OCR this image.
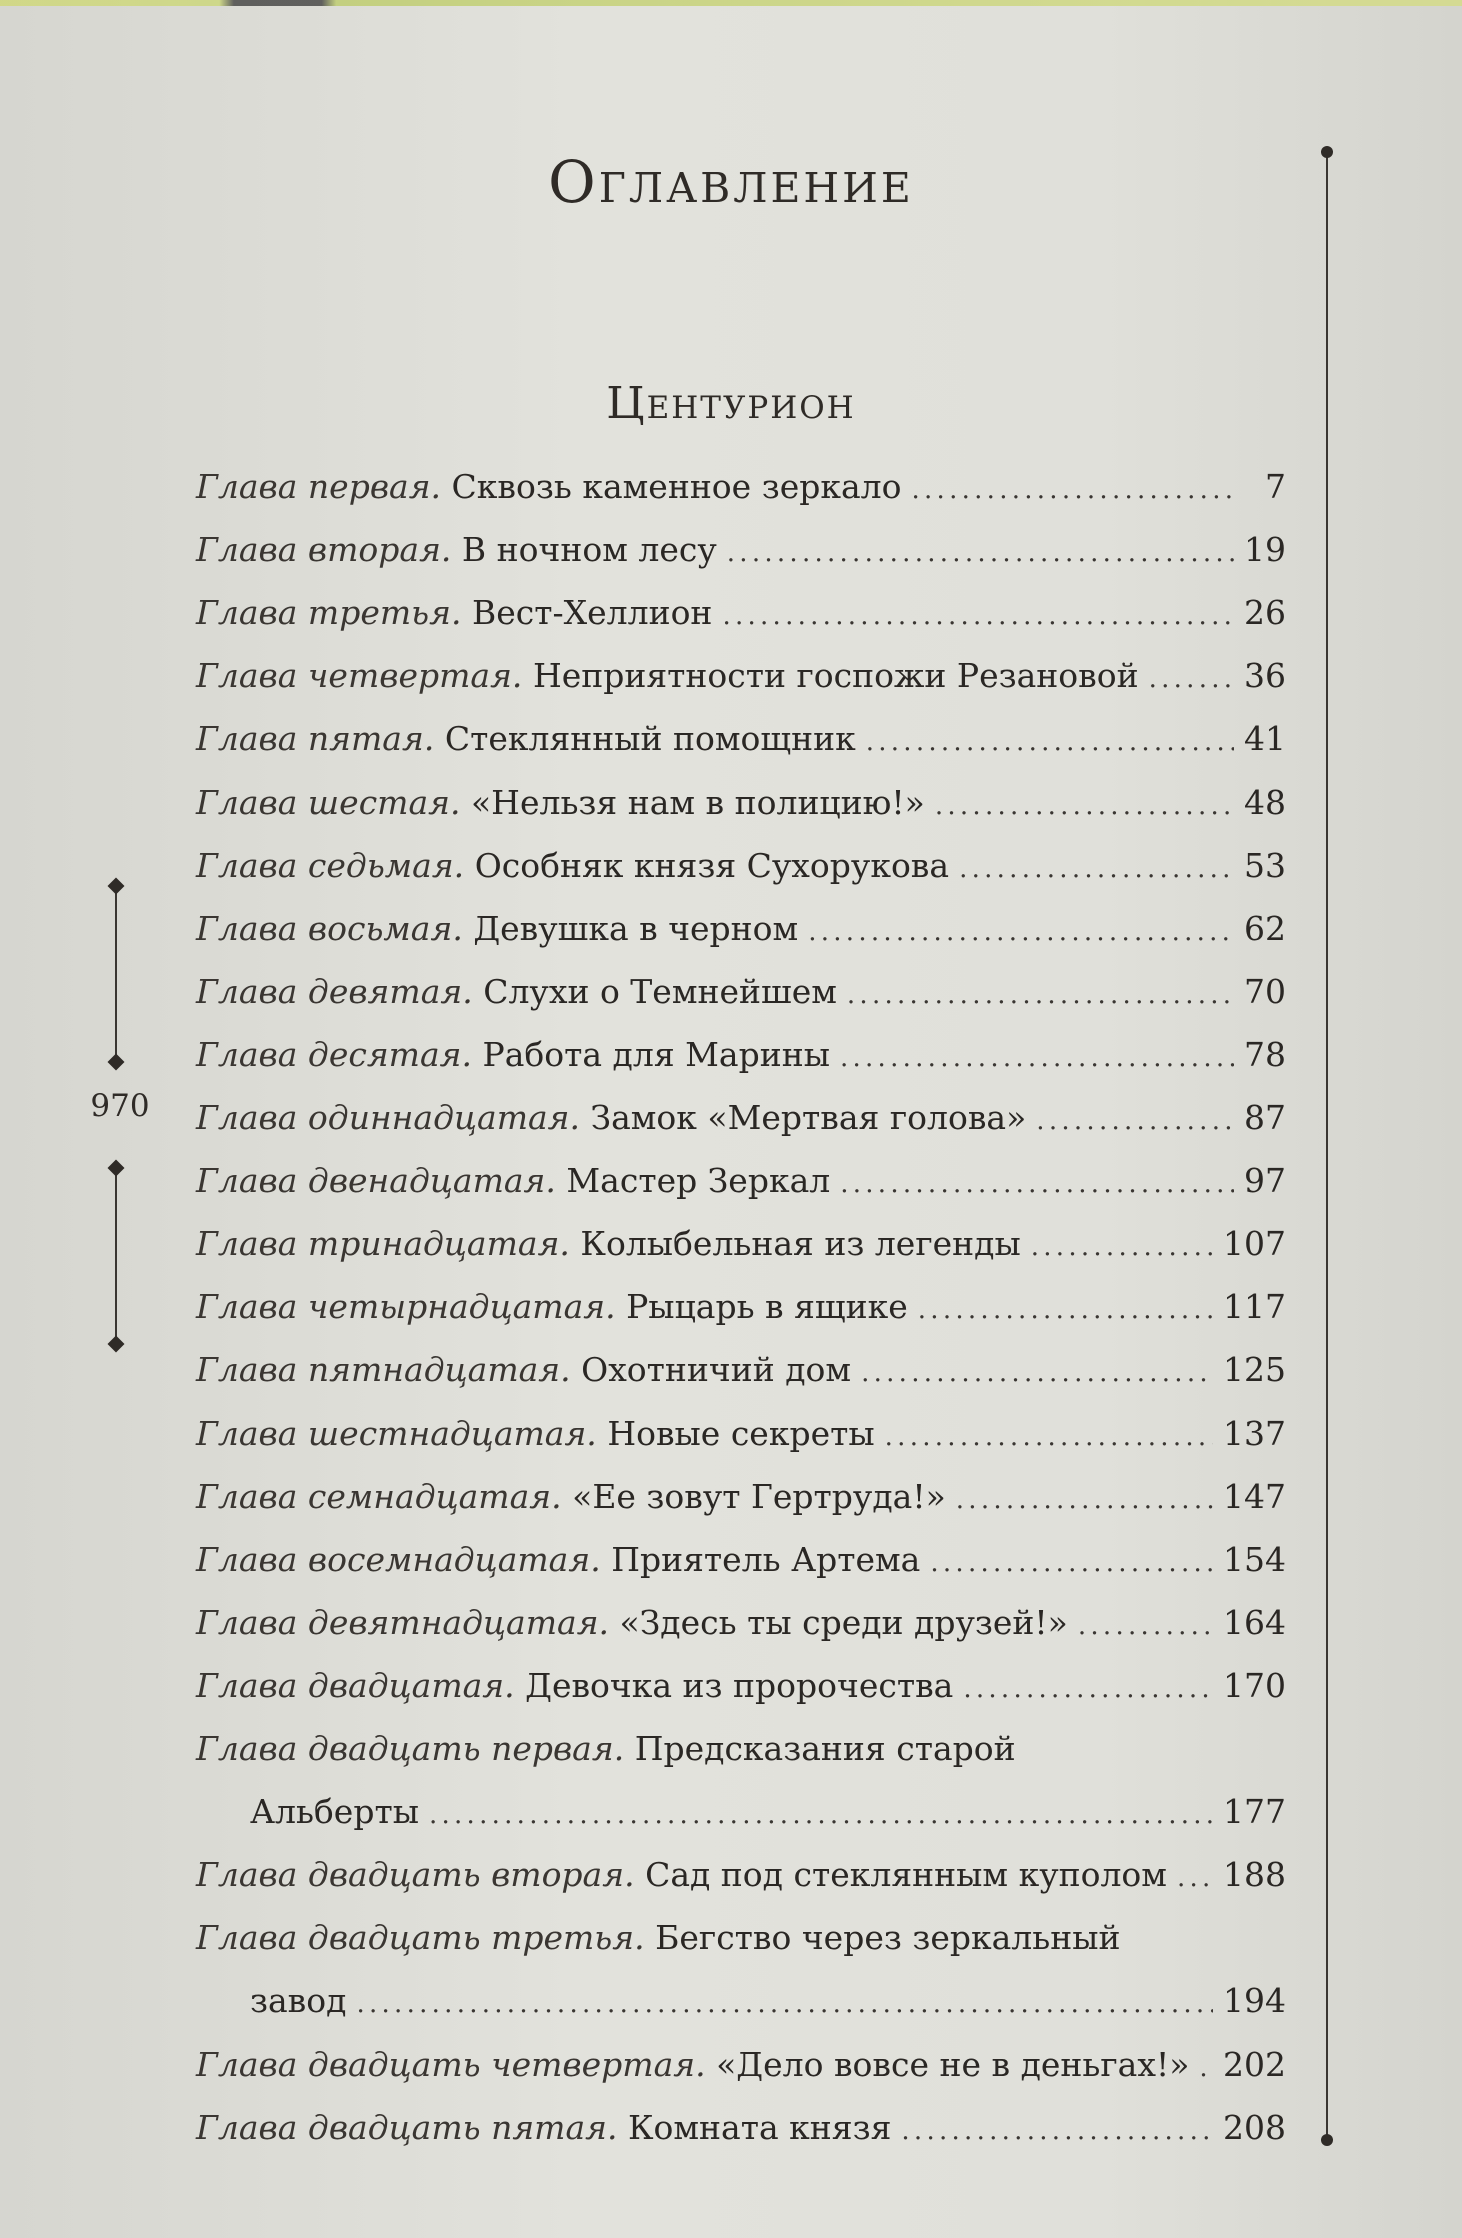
Оглавление
Центурион
970
Глава первая. Сквозь каменное зеркало . . .	7
Глава вторая. В ночном лесу . . .	19
Глава третья. Вест-Хеллион . . .	26
Глава четвертая. Неприятности госпожи Резановой . . .	36
Глава пятая. Стеклянный помощник . . .	41
Глава шестая. «Нельзя нам в полицию!» . . .	48
Глава седьмая. Особняк князя Сухорукова . . .	53
Глава восьмая. Девушка в черном . . .	62
Глава девятая. Слухи о Темнейшем . . .	70
Глава десятая. Работа для Марины . . .	78
Глава одиннадцатая. Замок «Мертвая голова» . . .	87
Глава двенадцатая. Мастер Зеркал . . .	97
Глава тринадцатая. Колыбельная из легенды . . .	107
Глава четырнадцатая. Рыцарь в ящике . . .	117
Глава пятнадцатая. Охотничий дом . . .	125
Глава шестнадцатая. Новые секреты . . .	137
Глава семнадцатая. «Ее зовут Гертруда!» . . .	147
Глава восемнадцатая. Приятель Артема . . .	154
Глава девятнадцатая. «Здесь ты среди друзей!» . . .	164
Глава двадцатая. Девочка из пророчества . . .	170
Глава двадцать первая. Предсказания старой
Альберты . . .	177
Глава двадцать вторая. Сад под стеклянным куполом . . . 188
Глава двадцать третья. Бегство через зеркальный
завод . . .	194
Глава двадцать четвертая. «Дело вовсе не в деньгах!» . . . 202
Глава двадцать пятая. Комната князя . . .	208
